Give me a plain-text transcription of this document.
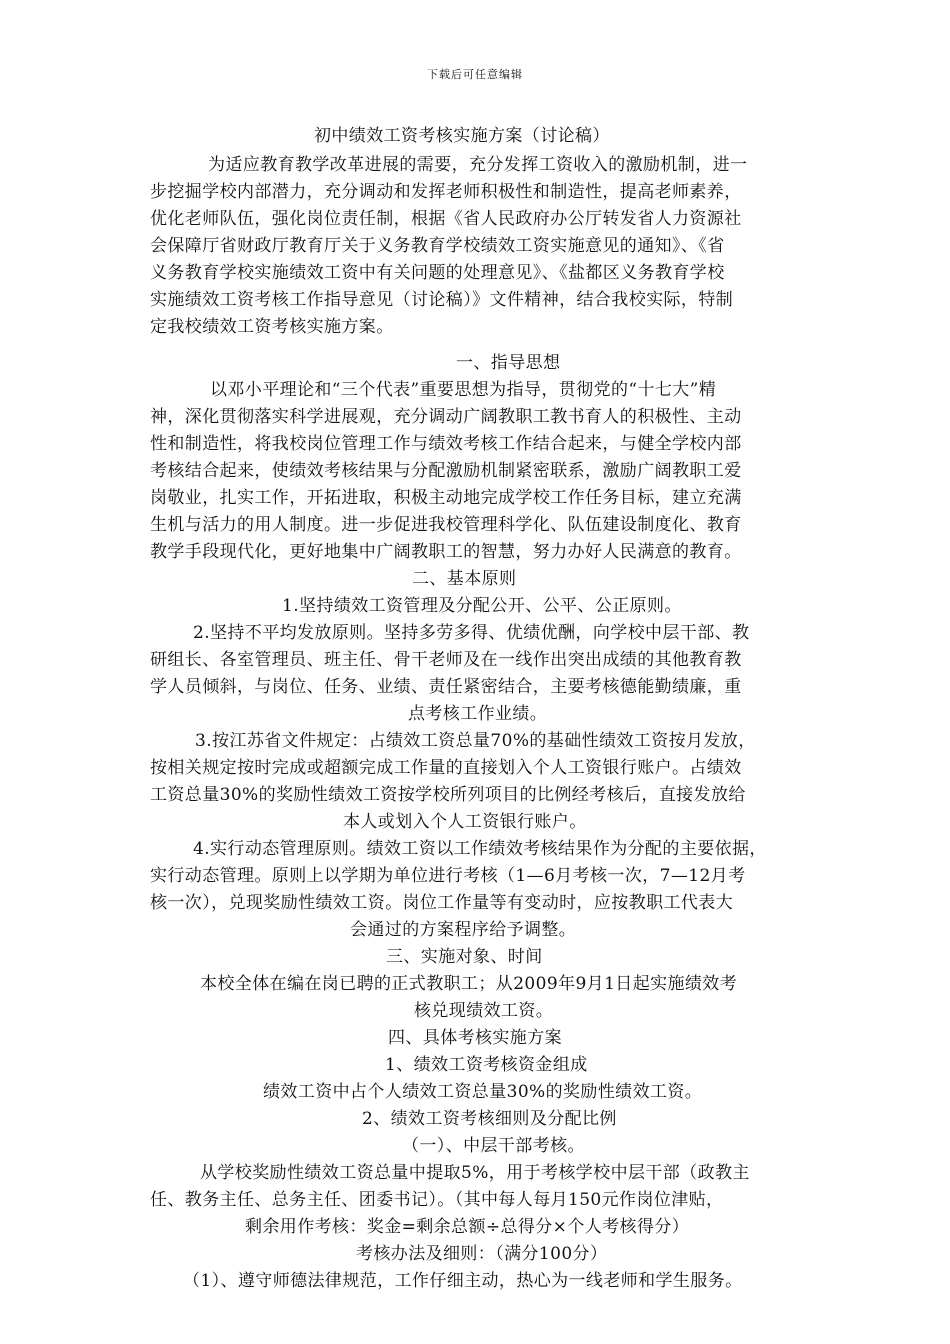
下载后可任意编辑
初中绩效工资考核实施方案（讨论稿）
为适应教育教学改革进展的需要，充分发挥工资收入的激励机制，进一
步挖掘学校内部潜力，充分调动和发挥老师积极性和制造性，提高老师素养，
优化老师队伍，强化岗位责任制，根据《省人民政府办公厅转发省人力资源社
会保障厅省财政厅教育厅关于义务教育学校绩效工资实施意见的通知》、《省
义务教育学校实施绩效工资中有关问题的处理意见》、《盐都区义务教育学校
实施绩效工资考核工作指导意见（讨论稿）》文件精神，结合我校实际，特制
定我校绩效工资考核实施方案。
一、指导思想
以邓小平理论和“三个代表”重要思想为指导，贯彻党的“十七大”精
神，深化贯彻落实科学进展观，充分调动广阔教职工教书育人的积极性、主动
性和制造性，将我校岗位管理工作与绩效考核工作结合起来，与健全学校内部
考核结合起来，使绩效考核结果与分配激励机制紧密联系，激励广阔教职工爱
岗敬业，扎实工作，开拓进取，积极主动地完成学校工作任务目标，建立充满
生机与活力的用人制度。进一步促进我校管理科学化、队伍建设制度化、教育
教学手段现代化，更好地集中广阔教职工的智慧，努力办好人民满意的教育。
二、基本原则
1.坚持绩效工资管理及分配公开、公平、公正原则。
2.坚持不平均发放原则。坚持多劳多得、优绩优酬，向学校中层干部、教
研组长、各室管理员、班主任、骨干老师及在一线作出突出成绩的其他教育教
学人员倾斜，与岗位、任务、业绩、责任紧密结合，主要考核德能勤绩廉，重
点考核工作业绩。
3.按江苏省文件规定：占绩效工资总量70%的基础性绩效工资按月发放，
按相关规定按时完成或超额完成工作量的直接划入个人工资银行账户。占绩效
工资总量30%的奖励性绩效工资按学校所列项目的比例经考核后，直接发放给
本人或划入个人工资银行账户。
4.实行动态管理原则。绩效工资以工作绩效考核结果作为分配的主要依据，
实行动态管理。原则上以学期为单位进行考核（1—6月考核一次，7—12月考
核一次），兑现奖励性绩效工资。岗位工作量等有变动时，应按教职工代表大
会通过的方案程序给予调整。
三、实施对象、时间
本校全体在编在岗已聘的正式教职工；从2009年9月1日起实施绩效考
核兑现绩效工资。
四、具体考核实施方案
1、绩效工资考核资金组成
绩效工资中占个人绩效工资总量30%的奖励性绩效工资。
2、绩效工资考核细则及分配比例
（一）、中层干部考核。
从学校奖励性绩效工资总量中提取5%，用于考核学校中层干部（政教主
任、教务主任、总务主任、团委书记）。（其中每人每月150元作岗位津贴，
剩余用作考核：奖金=剩余总额÷总得分×个人考核得分）
考核办法及细则：（满分100分）
（1）、遵守师德法律规范，工作仔细主动，热心为一线老师和学生服务。
